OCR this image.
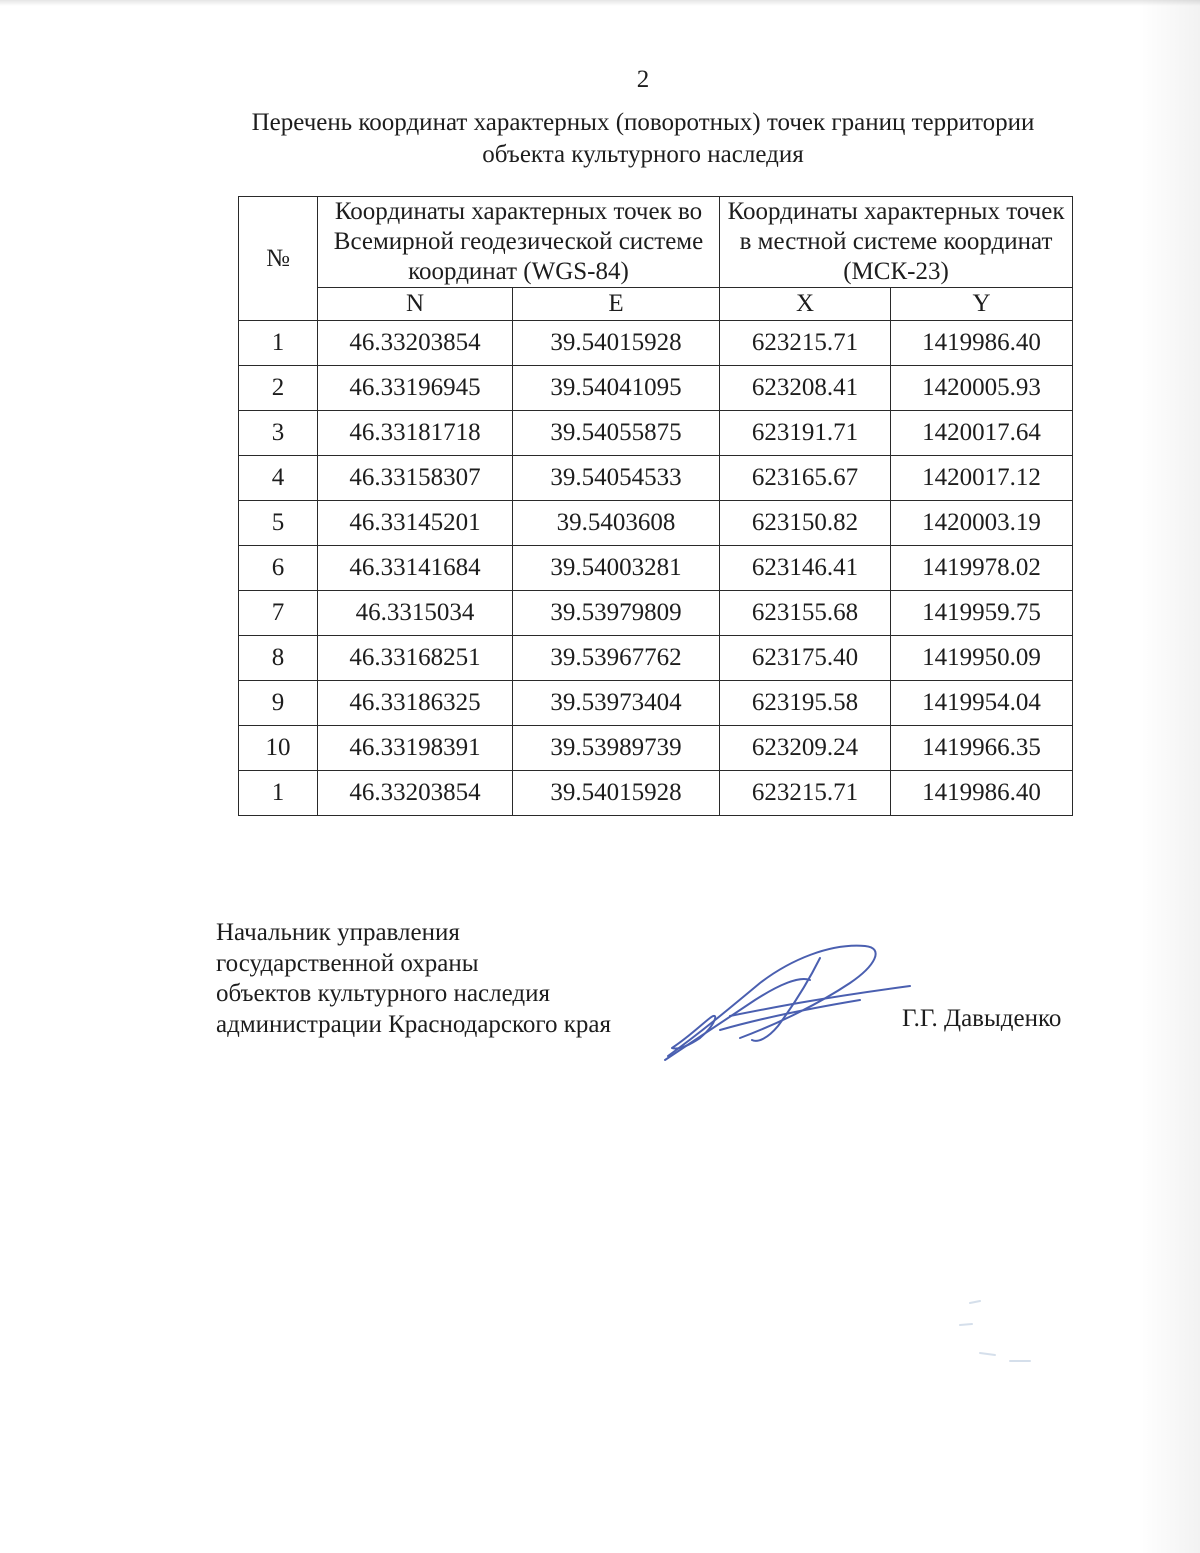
2
Перечень координат характерных (поворотных) точек границ территории
объекта культурного наследия
№	Координаты характерных точек во Всемирной геодезической системе координат (WGS-84)		Координаты характерных точек в местной системе координат (МСК-23)	
	N	E	X	Y
1	46.33203854	39.54015928	623215.71	1419986.40
2	46.33196945	39.54041095	623208.41	1420005.93
3	46.33181718	39.54055875	623191.71	1420017.64
4	46.33158307	39.54054533	623165.67	1420017.12
5	46.33145201	39.5403608	623150.82	1420003.19
6	46.33141684	39.54003281	623146.41	1419978.02
7	46.3315034	39.53979809	623155.68	1419959.75
8	46.33168251	39.53967762	623175.40	1419950.09
9	46.33186325	39.53973404	623195.58	1419954.04
10	46.33198391	39.53989739	623209.24	1419966.35
1	46.33203854	39.54015928	623215.71	1419986.40
Начальник управления
государственной охраны
объектов культурного наследия
администрации Краснодарского края	Г.Г. Давыденко
